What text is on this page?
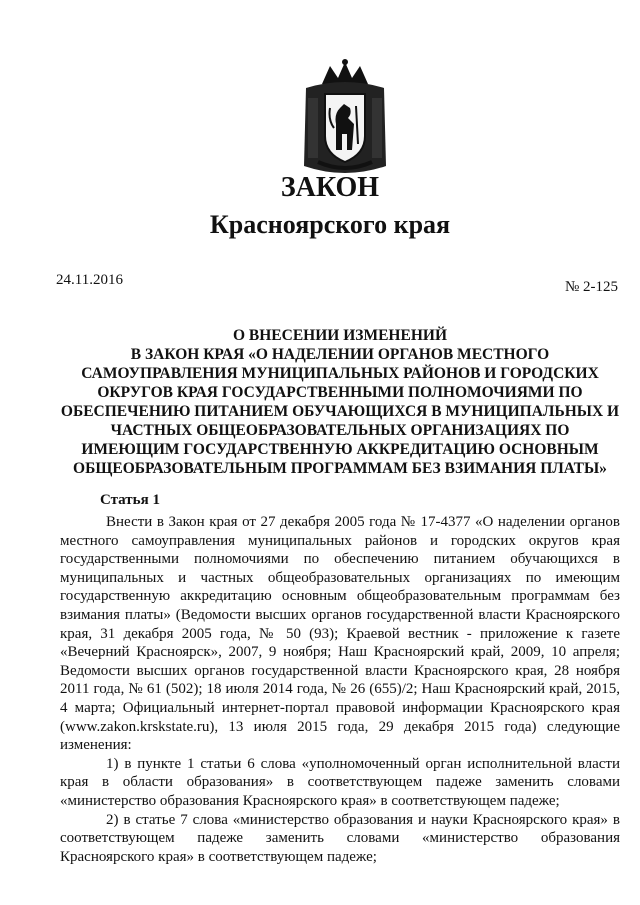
ЗАКОН
Красноярского края
24.11.2016	№ 2-125
О ВНЕСЕНИИ ИЗМЕНЕНИЙ
В ЗАКОН КРАЯ «О НАДЕЛЕНИИ ОРГАНОВ МЕСТНОГО
САМОУПРАВЛЕНИЯ МУНИЦИПАЛЬНЫХ РАЙОНОВ И ГОРОДСКИХ
ОКРУГОВ КРАЯ ГОСУДАРСТВЕННЫМИ ПОЛНОМОЧИЯМИ ПО
ОБЕСПЕЧЕНИЮ ПИТАНИЕМ ОБУЧАЮЩИХСЯ В МУНИЦИПАЛЬНЫХ И
ЧАСТНЫХ ОБЩЕОБРАЗОВАТЕЛЬНЫХ ОРГАНИЗАЦИЯХ ПО
ИМЕЮЩИМ ГОСУДАРСТВЕННУЮ АККРЕДИТАЦИЮ ОСНОВНЫМ
ОБЩЕОБРАЗОВАТЕЛЬНЫМ ПРОГРАММАМ БЕЗ ВЗИМАНИЯ ПЛАТЫ»
Статья 1

Внести в Закон края от 27 декабря 2005 года № 17-4377 «О наделении органов местного самоуправления муниципальных районов и городских округов края государственными полномочиями по обеспечению питанием обучающихся в муниципальных и частных общеобразовательных организациях по имеющим государственную аккредитацию основным общеобразовательным программам без взимания платы» (Ведомости высших органов государственной власти Красноярского края, 31 декабря 2005 года, № 50 (93); Краевой вестник - приложение к газете «Вечерний Красноярск», 2007, 9 ноября; Наш Красноярский край, 2009, 10 апреля; Ведомости высших органов государственной власти Красноярского края, 28 ноября 2011 года, № 61 (502); 18 июля 2014 года, № 26 (655)/2; Наш Красноярский край, 2015, 4 марта; Официальный интернет-портал правовой информации Красноярского края (www.zakon.krskstate.ru), 13 июля 2015 года, 29 декабря 2015 года) следующие изменения:

1) в пункте 1 статьи 6 слова «уполномоченный орган исполнительной власти края в области образования» в соответствующем падеже заменить словами «министерство образования Красноярского края» в соответствующем падеже;

2) в статье 7 слова «министерство образования и науки Красноярского края» в соответствующем падеже заменить словами «министерство образования Красноярского края» в соответствующем падеже;
